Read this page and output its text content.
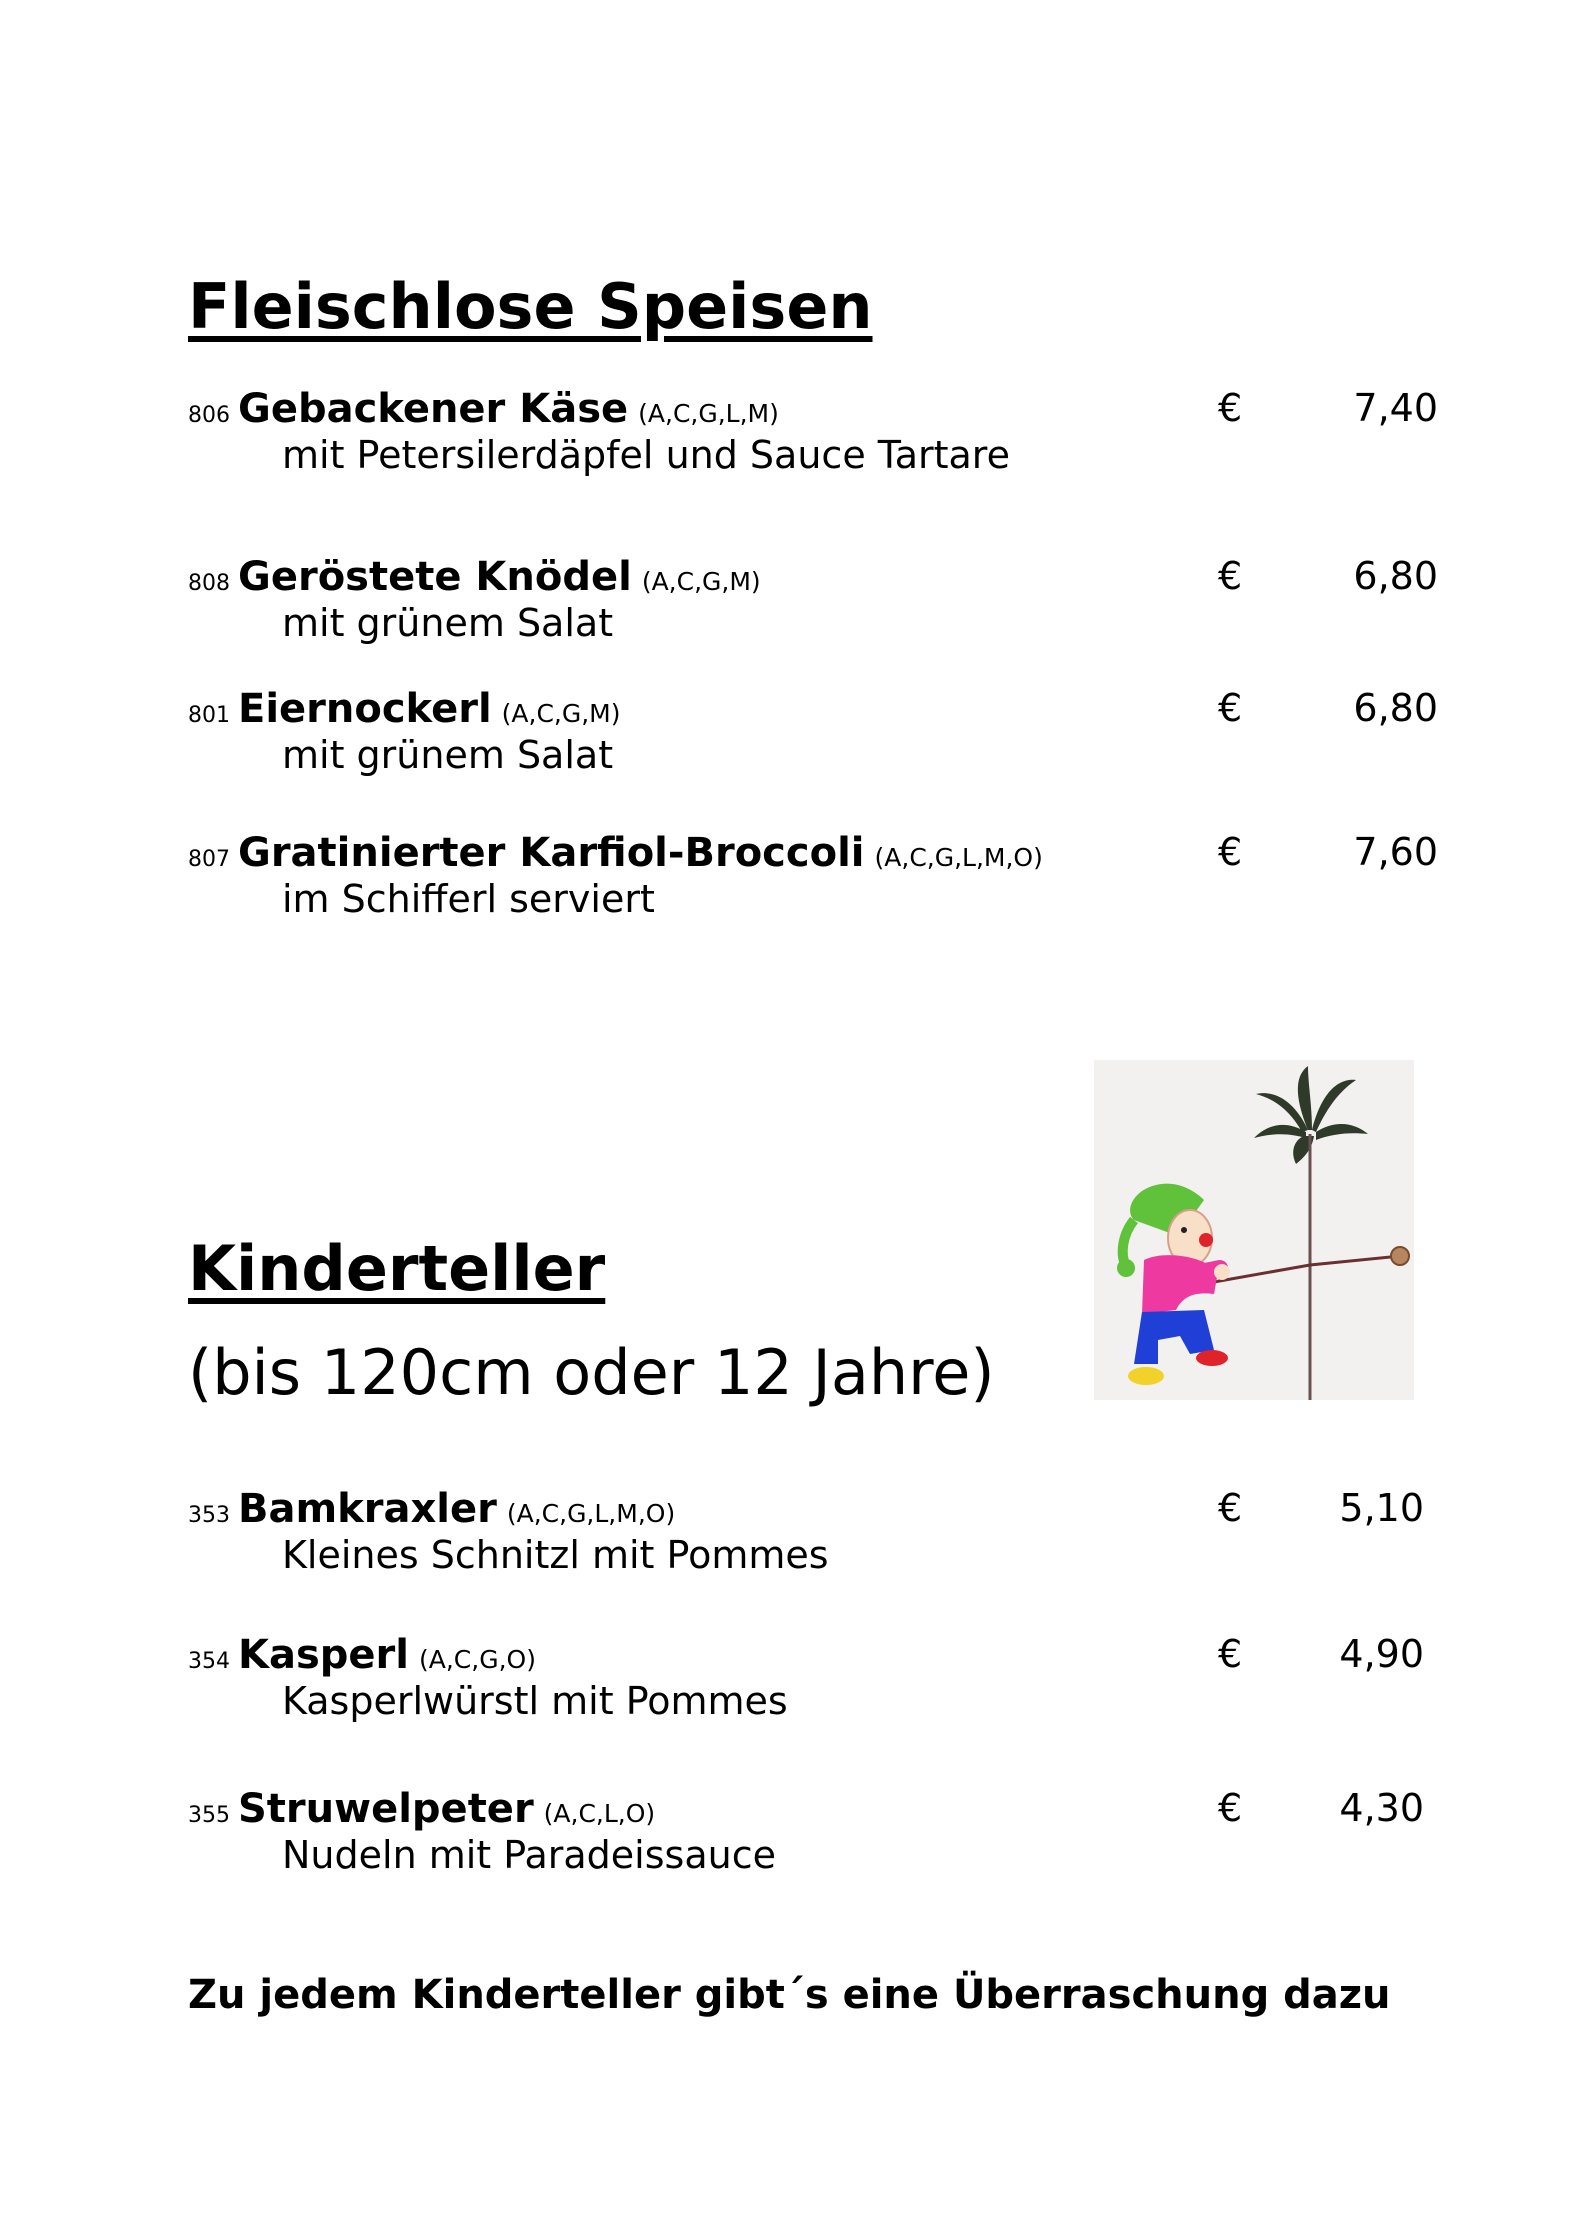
Fleischlose Speisen
806 Gebackener Käse (A,C,G,L,M)
mit Petersilerdäpfel und Sauce Tartare
€	7,40
808 Geröstete Knödel (A,C,G,M)
mit grünem Salat
€	6,80
801 Eiernockerl (A,C,G,M)
mit grünem Salat
€	6,80
807 Gratinierter Karfiol-Broccoli (A,C,G,L,M,O)
im Schifferl serviert
€	7,60
Kinderteller
(bis 120cm oder 12 Jahre)
353 Bamkraxler (A,C,G,L,M,O)
Kleines Schnitzl mit Pommes
€	5,10
354 Kasperl (A,C,G,O)
Kasperlwürstl mit Pommes
€	4,90
355 Struwelpeter (A,C,L,O)
Nudeln mit Paradeissauce
€	4,30

Zu jedem Kinderteller gibt´s eine Überraschung dazu
